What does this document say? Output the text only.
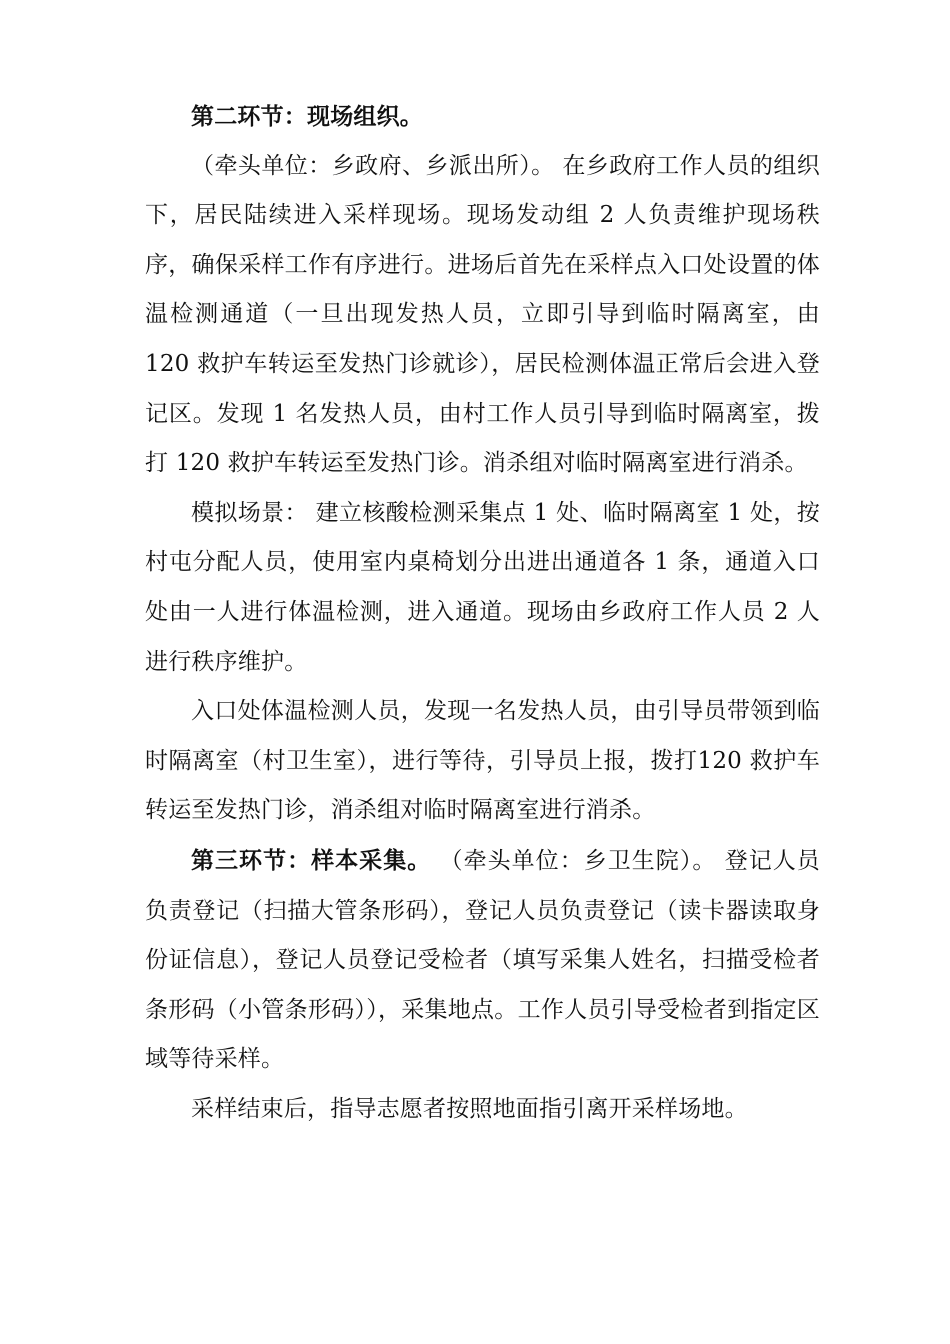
第二环节：现场组织。

（牵头单位：乡政府、乡派出所）。 在乡政府工作人员的组织下，居民陆续进入采样现场。现场发动组 2 人负责维护现场秩序，确保采样工作有序进行。进场后首先在采样点入口处设置的体温检测通道（一旦出现发热人员，立即引导到临时隔离室，由 120 救护车转运至发热门诊就诊），居民检测体温正常后会进入登记区。发现 1 名发热人员，由村工作人员引导到临时隔离室，拨打 120 救护车转运至发热门诊。消杀组对临时隔离室进行消杀。

模拟场景： 建立核酸检测采集点 1 处、临时隔离室 1 处，按村屯分配人员，使用室内桌椅划分出进出通道各 1 条，通道入口处由一人进行体温检测，进入通道。现场由乡政府工作人员 2 人进行秩序维护。

入口处体温检测人员，发现一名发热人员，由引导员带领到临时隔离室（村卫生室），进行等待，引导员上报，拨打120 救护车转运至发热门诊，消杀组对临时隔离室进行消杀。

第三环节：样本采集。 （牵头单位：乡卫生院）。 登记人员负责登记（扫描大管条形码），登记人员负责登记（读卡器读取身份证信息），登记人员登记受检者（填写采集人姓名，扫描受检者条形码（小管条形码）），采集地点。工作人员引导受检者到指定区域等待采样。

采样结束后，指导志愿者按照地面指引离开采样场地。
